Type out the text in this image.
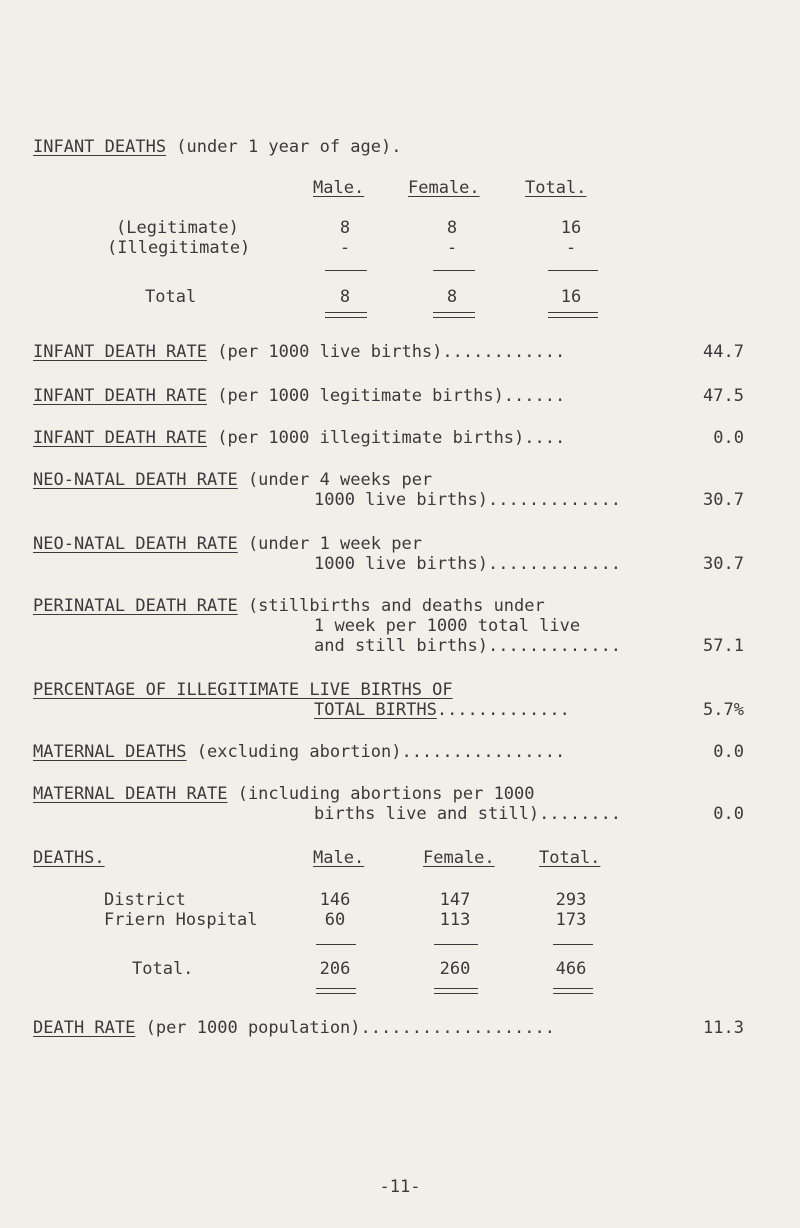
INFANT DEATHS (under 1 year of age).
Male.	Female.	Total.
(Legitimate)	8	8	16
(Illegitimate)	-	-	-
Total	8	8	16
INFANT DEATH RATE (per 1000 live births)............	44.7
INFANT DEATH RATE (per 1000 legitimate births)......	47.5
INFANT DEATH RATE (per 1000 illegitimate births)....	0.0
NEO-NATAL DEATH RATE (under 4 weeks per
1000 live births).............	30.7
NEO-NATAL DEATH RATE (under 1 week per
1000 live births).............	30.7
PERINATAL DEATH RATE (stillbirths and deaths under
1 week per 1000 total live
and still births).............	57.1
PERCENTAGE OF ILLEGITIMATE LIVE BIRTHS OF
TOTAL BIRTHS.............	5.7%
MATERNAL DEATHS (excluding abortion)................	0.0
MATERNAL DEATH RATE (including abortions per 1000
births live and still)........	0.0
DEATHS.	Male.	Female.	Total.
District	146	147	293
Friern Hospital	60	113	173
Total.	206	260	466
DEATH RATE (per 1000 population)...................	11.3
-11-
